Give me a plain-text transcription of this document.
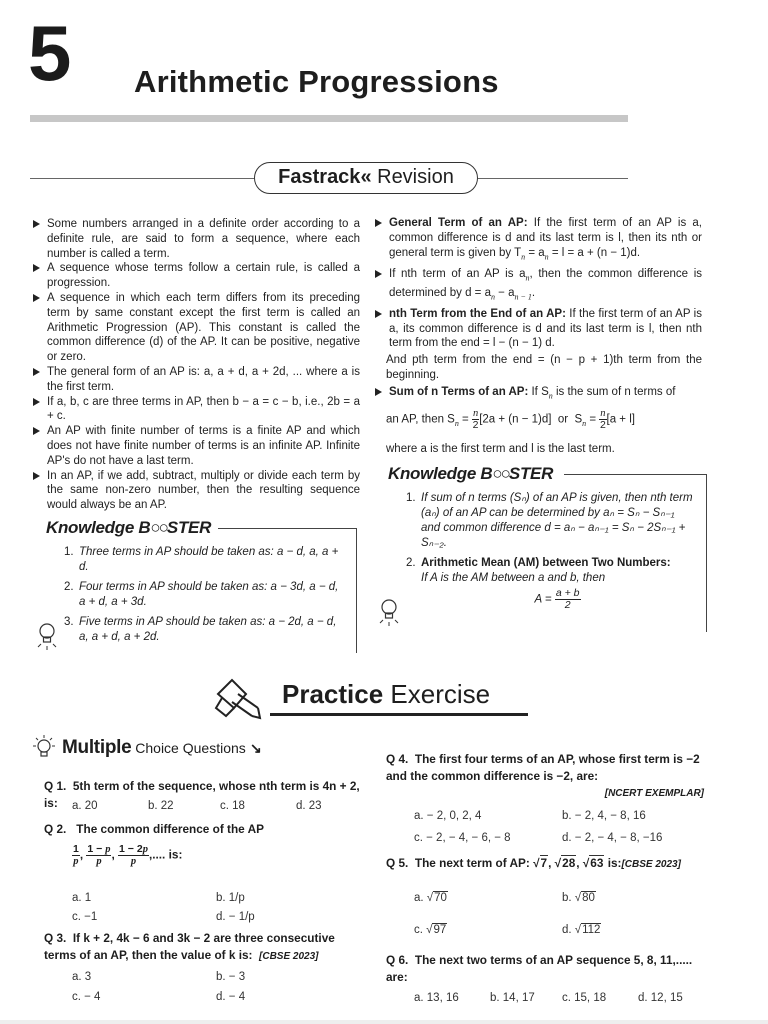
5 Arithmetic Progressions
Fastrack« Revision
Some numbers arranged in a definite order according to a definite rule, are said to form a sequence, where each number is called a term.
A sequence whose terms follow a certain rule, is called a progression.
A sequence in which each term differs from its preceding term by same constant except the first term is called an Arithmetic Progression (AP). This constant is called the common difference (d) of the AP. It can be positive, negative or zero.
The general form of an AP is: a, a + d, a + 2d, ... where a is the first term.
If a, b, c are three terms in AP, then b − a = c − b, i.e., 2b = a + c.
An AP with finite number of terms is a finite AP and which does not have finite number of terms is an infinite AP. Infinite AP's do not have a last term.
In an AP, if we add, subtract, multiply or divide each term by the same non-zero number, then the resulting sequence would always be an AP.
Knowledge B○○STER
1. Three terms in AP should be taken as: a − d, a, a + d.
2. Four terms in AP should be taken as: a − 3d, a − d, a + d, a + 3d.
3. Five terms in AP should be taken as: a − 2d, a − d, a, a + d, a + 2d.
General Term of an AP: If the first term of an AP is a, common difference is d and its last term is l, then its nth or general term is given by $T_n = a_n = l = a + (n - 1)d$.
If nth term of an AP is $a_n$, then the common difference is determined by $d = a_n - a_{n - 1}$.
nth Term from the End of an AP: If the first term of an AP is a, its common difference is d and its last term is l, then nth term from the end = l − (n − 1) d.
And pth term from the end = (n − p + 1)th term from the beginning.
Sum of n Terms of an AP: If $S_n$ is the sum of n terms of
an AP, then $S_n = \frac{n}{2} [2a + (n - 1)d]$ or  $S_n = \frac{n}{2} [a + l]$
where a is the first term and l is the last term.
Knowledge B○○STER
1. If sum of n terms (Sₙ) of an AP is given, then nth term (aₙ) of an AP can be determined by aₙ = Sₙ − Sₙ₋₁ and common difference d = aₙ − aₙ₋₁ = Sₙ − 2Sₙ₋₁ + Sₙ₋₂.
2. Arithmetic Mean (AM) between Two Numbers:
If A is the AM between a and b, then

$A = \frac{a + b}{2}$
Practice Exercise
Multiple Choice Questions ↘
Q 1. 5th term of the sequence, whose nth term is 4n + 2, is:	a. 20	b. 22	c. 18	d. 23
Q 2. The common difference of the AP
$\frac{1}{p}$ , $\frac{1 - p}{p}$ , $\frac{1 - 2p}{p}$ ,.... is:
a. 1	b. 1/p
c. −1	d. − 1/p
Q 3. If k + 2, 4k − 6 and 3k − 2 are three consecutive terms of an AP, then the value of k is: [CBSE 2023]
a. 3	b. − 3
c. − 4	d. − 4
Q 4. The first four terms of an AP, whose first term is −2 and the common difference is −2, are:
[NCERT EXEMPLAR]
a. − 2, 0, 2, 4	b. − 2, 4, − 8, 16
c. − 2, − 4, − 6, − 8	d. − 2, − 4, − 8, −16
Q 5. The next term of AP: √7, √28, √63 is:[CBSE 2023]
a. √70	b. √80
c. √97	d. √112
Q 6. The next two terms of an AP sequence 5, 8, 11,..... are:
a. 13, 16	b. 14, 17 c. 15, 18	d. 12, 15
